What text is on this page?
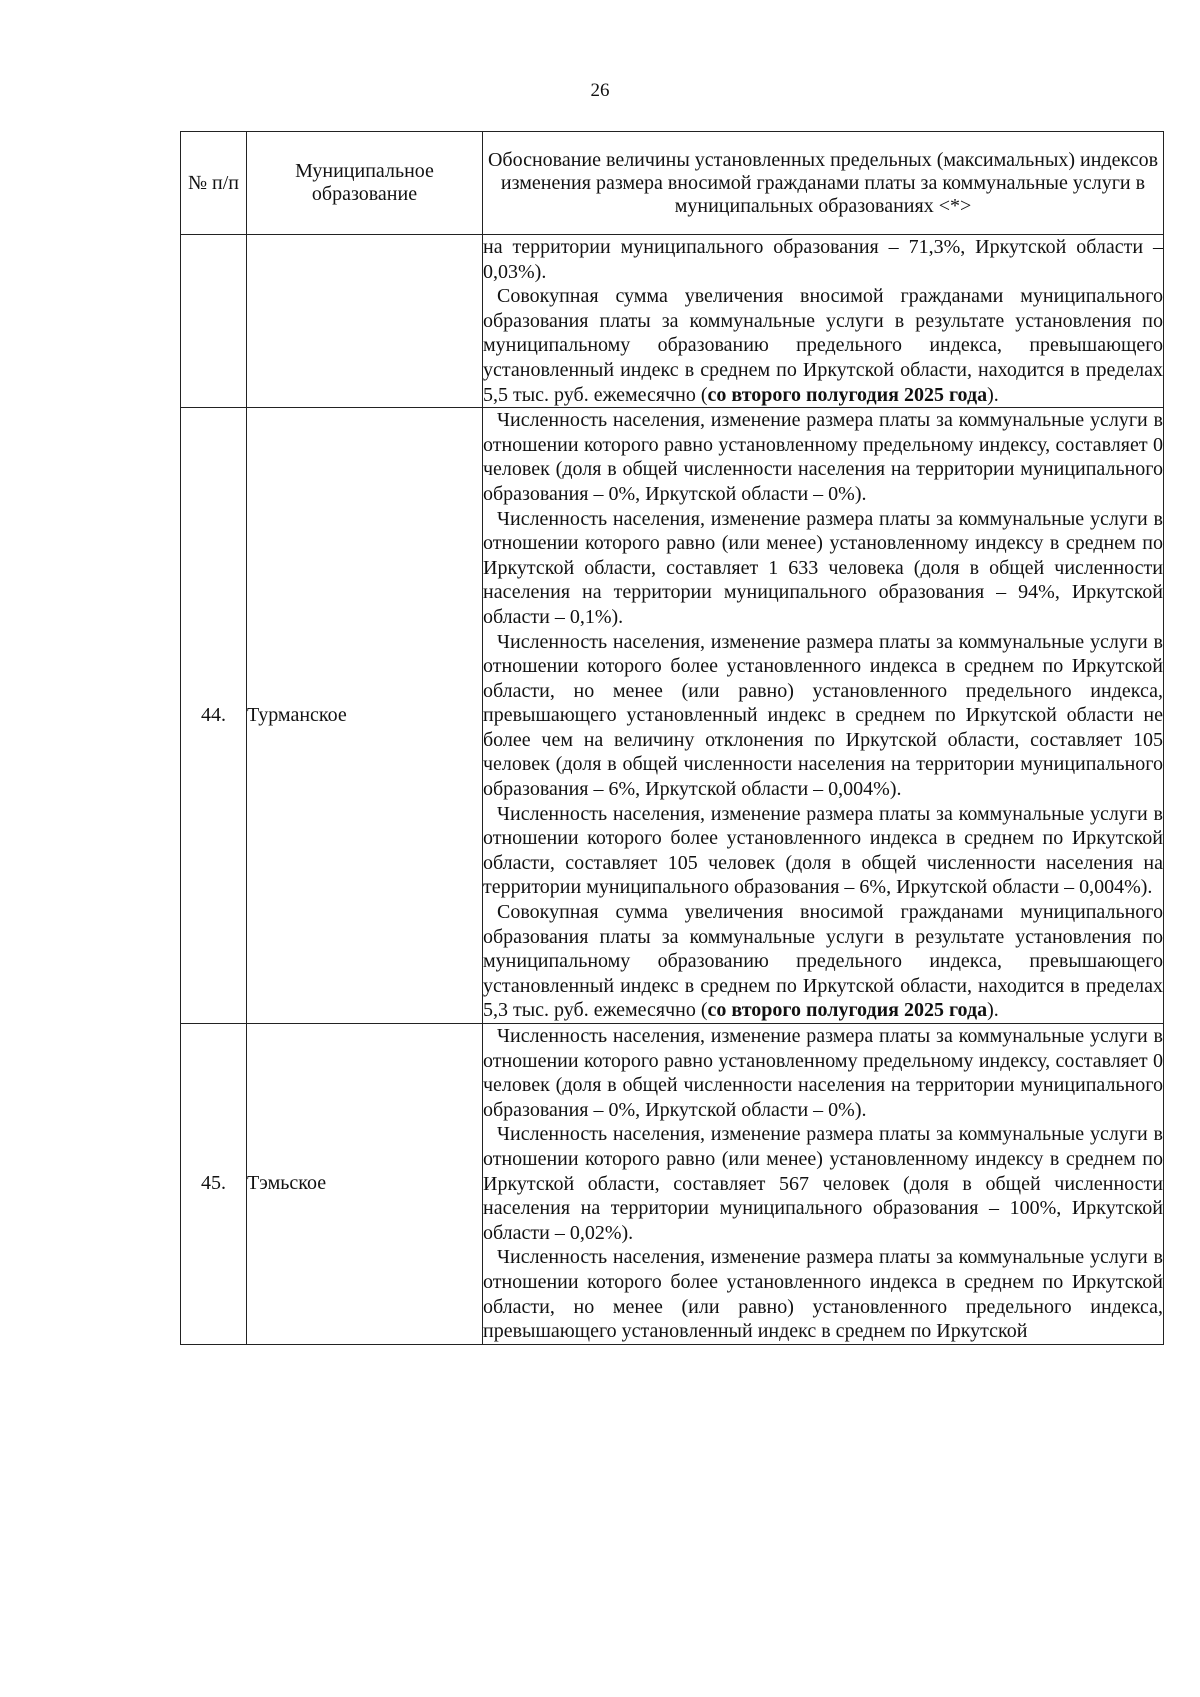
26
№ п/п	Муниципальное образование	Обоснование величины установленных предельных (максимальных) индексов изменения размера вносимой гражданами платы за коммунальные услуги в муниципальных образованиях <*>

		на территории муниципального образования – 71,3%, Иркутской области – 0,03%).

Совокупная сумма увеличения вносимой гражданами муниципального образования платы за коммунальные услуги в результате установления по муниципальному образованию предельного индекса, превышающего установленный индекс в среднем по Иркутской области, находится в пределах 5,5 тыс. руб. ежемесячно (со второго полугодия 2025 года).

44.	Турманское	Численность населения, изменение размера платы за коммунальные услуги в отношении которого равно установленному предельному индексу, составляет 0 человек (доля в общей численности населения на территории муниципального образования – 0%, Иркутской области – 0%).

Численность населения, изменение размера платы за коммунальные услуги в отношении которого равно (или менее) установленному индексу в среднем по Иркутской области, составляет 1 633 человека (доля в общей численности населения на территории муниципального образования – 94%, Иркутской области – 0,1%).

Численность населения, изменение размера платы за коммунальные услуги в отношении которого более установленного индекса в среднем по Иркутской области, но менее (или равно) установленного предельного индекса, превышающего установленный индекс в среднем по Иркутской области не более чем на величину отклонения по Иркутской области, составляет 105 человек (доля в общей численности населения на территории муниципального образования – 6%, Иркутской области – 0,004%).

Численность населения, изменение размера платы за коммунальные услуги в отношении которого более установленного индекса в среднем по Иркутской области, составляет 105 человек (доля в общей численности населения на территории муниципального образования – 6%, Иркутской области – 0,004%).

Совокупная сумма увеличения вносимой гражданами муниципального образования платы за коммунальные услуги в результате установления по муниципальному образованию предельного индекса, превышающего установленный индекс в среднем по Иркутской области, находится в пределах 5,3 тыс. руб. ежемесячно (со второго полугодия 2025 года).

45.	Тэмьское	Численность населения, изменение размера платы за коммунальные услуги в отношении которого равно установленному предельному индексу, составляет 0 человек (доля в общей численности населения на территории муниципального образования – 0%, Иркутской области – 0%).

Численность населения, изменение размера платы за коммунальные услуги в отношении которого равно (или менее) установленному индексу в среднем по Иркутской области, составляет 567 человек (доля в общей численности населения на территории муниципального образования – 100%, Иркутской области – 0,02%).

Численность населения, изменение размера платы за коммунальные услуги в отношении которого более установленного индекса в среднем по Иркутской области, но менее (или равно) установленного предельного индекса, превышающего установленный индекс в среднем по Иркутской
